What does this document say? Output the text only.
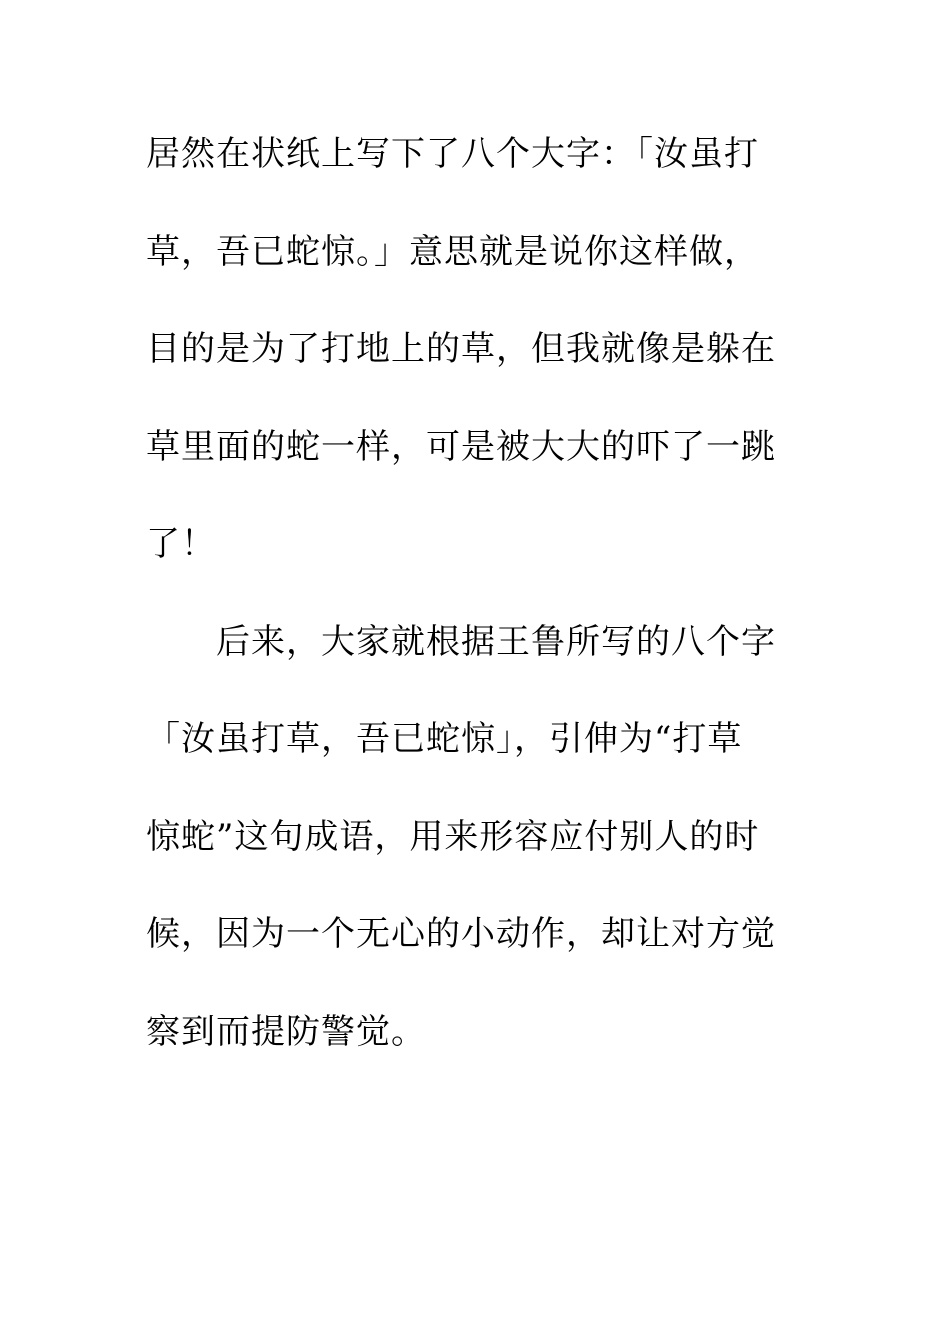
居然在状纸上写下了八个大字：「汝虽打
草，吾已蛇惊。」意思就是说你这样做，
目的是为了打地上的草，但我就像是躲在
草里面的蛇一样，可是被大大的吓了一跳
了！
　　后来，大家就根据王鲁所写的八个字
「汝虽打草，吾已蛇惊」，引伸为“打草
惊蛇”这句成语，用来形容应付别人的时
候，因为一个无心的小动作，却让对方觉
察到而提防警觉。
